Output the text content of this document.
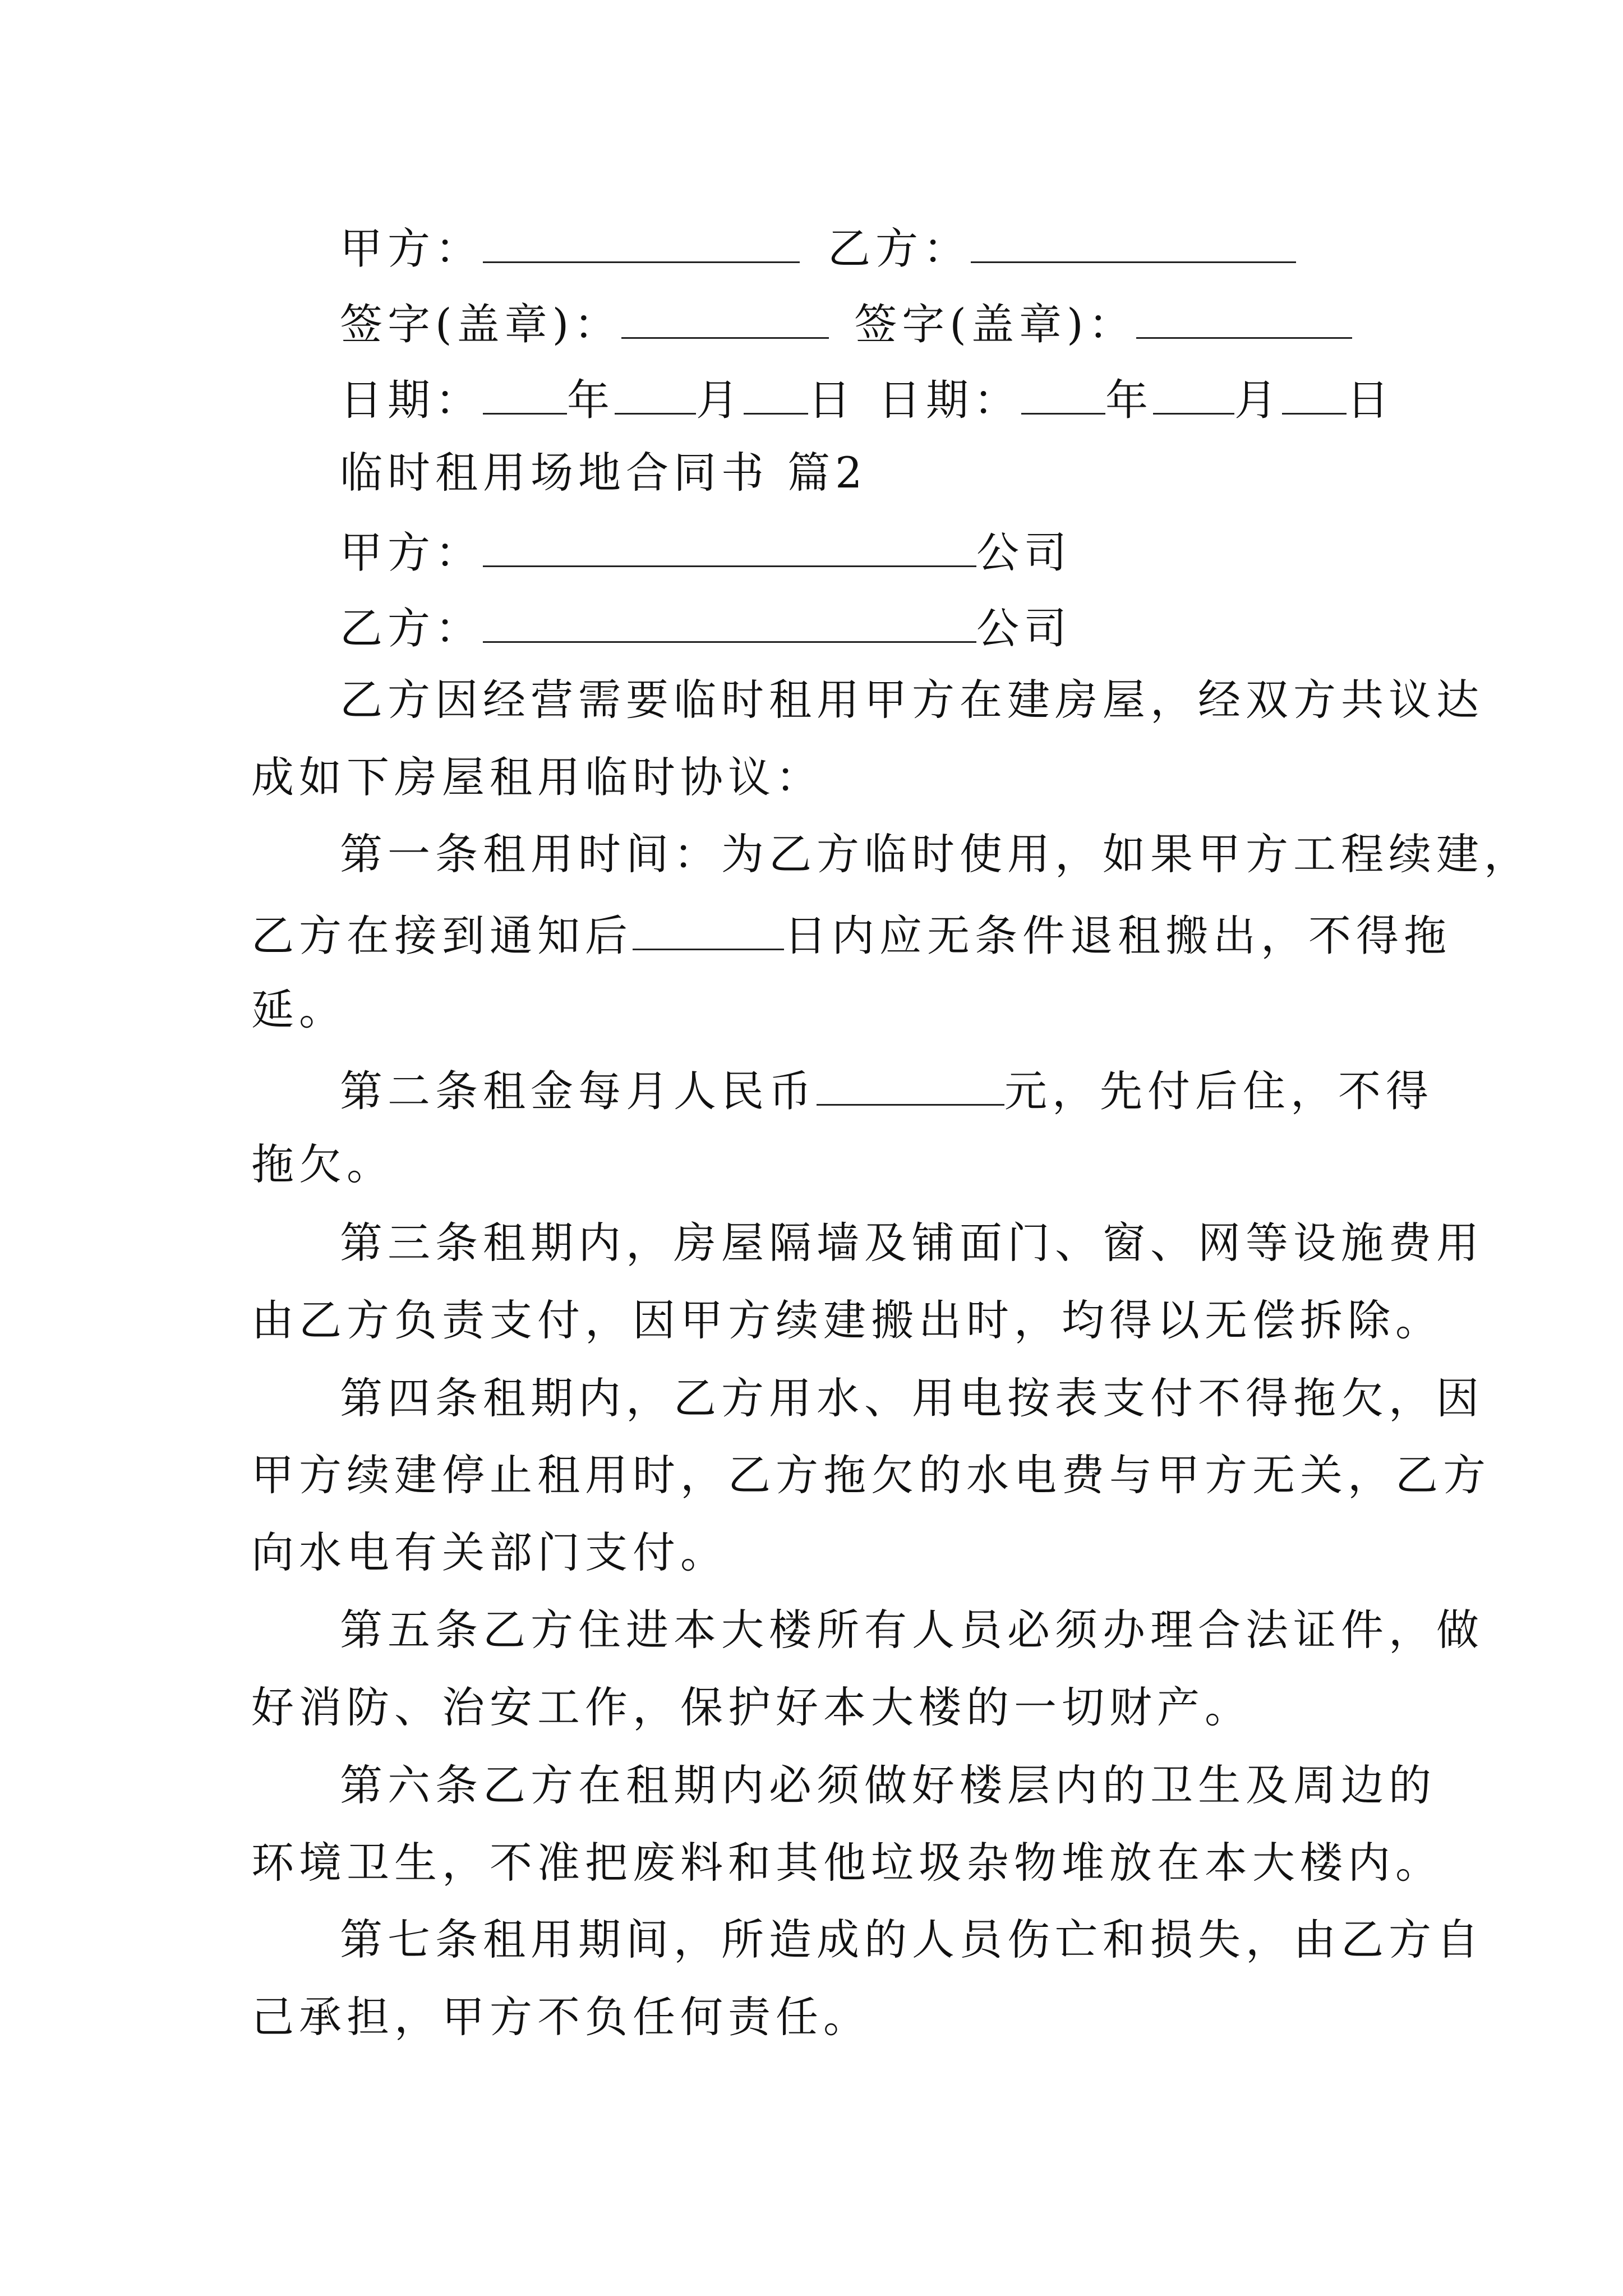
甲方：	乙方：
签字(盖章)：	签字(盖章)：
日期： 年 月 日 日期： 年 月 日
临时租用场地合同书 篇2
甲方：	公司
乙方：	公司
乙方因经营需要临时租用甲方在建房屋，经双方共议达
成如下房屋租用临时协议：
第一条租用时间：为乙方临时使用，如果甲方工程续建，
乙方在接到通知后	日内应无条件退租搬出，不得拖
延。
第二条租金每月人民币	元，先付后住，不得
拖欠。
第三条租期内，房屋隔墙及铺面门、窗、网等设施费用
由乙方负责支付，因甲方续建搬出时，均得以无偿拆除。
第四条租期内，乙方用水、用电按表支付不得拖欠，因
甲方续建停止租用时，乙方拖欠的水电费与甲方无关，乙方
向水电有关部门支付。
第五条乙方住进本大楼所有人员必须办理合法证件，做
好消防、治安工作，保护好本大楼的一切财产。
第六条乙方在租期内必须做好楼层内的卫生及周边的
环境卫生，不准把废料和其他垃圾杂物堆放在本大楼内。
第七条租用期间，所造成的人员伤亡和损失，由乙方自
己承担，甲方不负任何责任。
